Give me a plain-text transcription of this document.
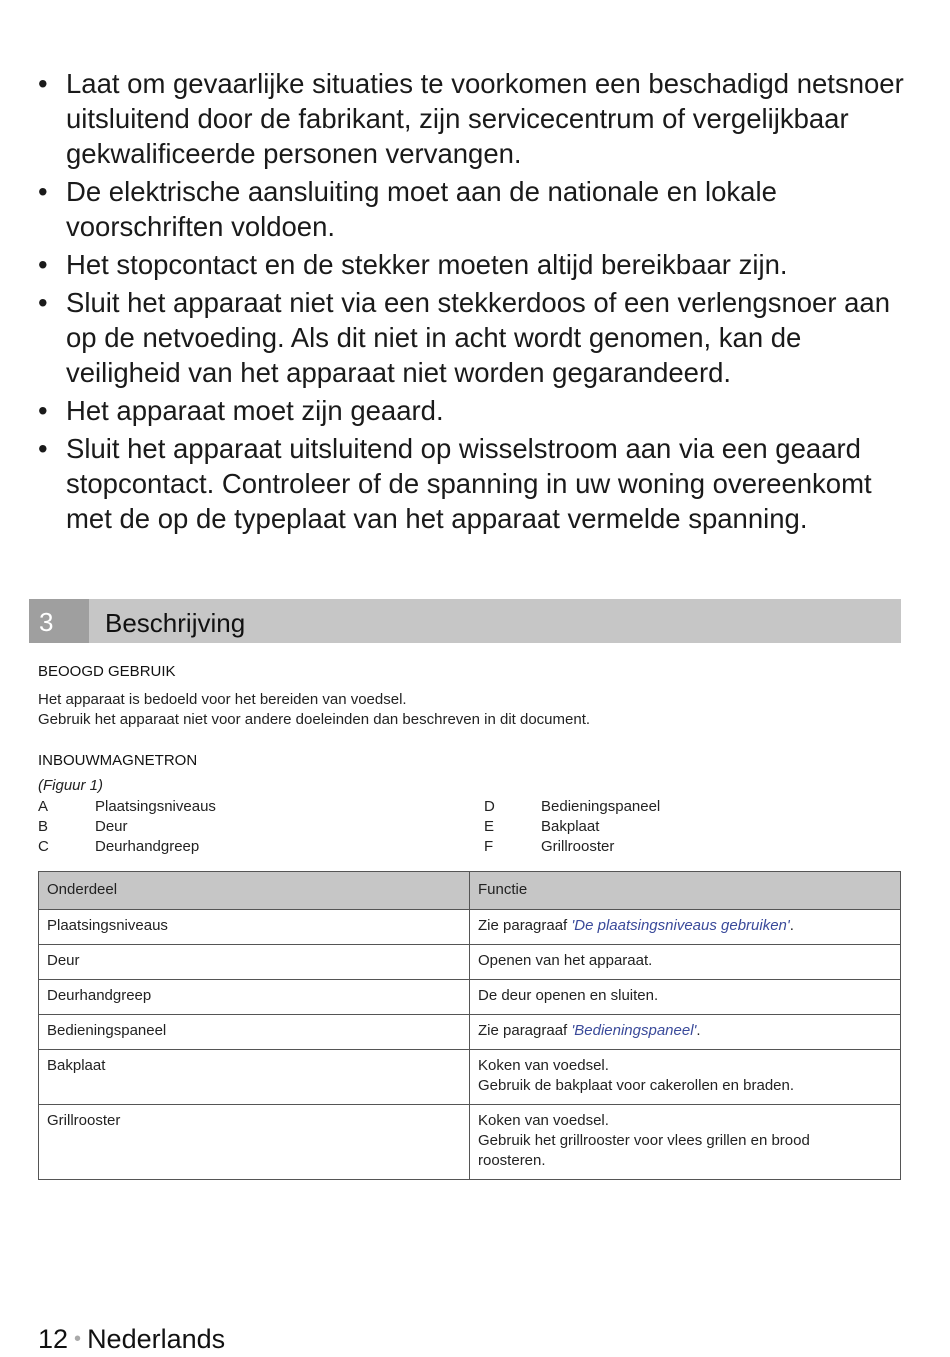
• Laat om gevaarlijke situaties te voorkomen een beschadigd netsnoer uitsluitend door de fabrikant, zijn servicecentrum of vergelijkbaar gekwalificeerde personen vervangen.
• De elektrische aansluiting moet aan de nationale en lokale voorschriften voldoen.
• Het stopcontact en de stekker moeten altijd bereikbaar zijn.
• Sluit het apparaat niet via een stekkerdoos of een verlengsnoer aan op de netvoeding. Als dit niet in acht wordt genomen, kan de veiligheid van het apparaat niet worden gegarandeerd.
• Het apparaat moet zijn geaard.
• Sluit het apparaat uitsluitend op wisselstroom aan via een geaard stopcontact. Controleer of de spanning in uw woning overeenkomt met de op de typeplaat van het apparaat vermelde spanning.
3	Beschrijving
BEOOGD GEBRUIK
Het apparaat is bedoeld voor het bereiden van voedsel.
Gebruik het apparaat niet voor andere doeleinden dan beschreven in dit document.
INBOUWMAGNETRON
(Figuur 1)
A	Plaatsingsniveaus
B	Deur
C	Deurhandgreep
D	Bedieningspaneel
E	Bakplaat
F	Grillrooster
Onderdeel	Functie
Plaatsingsniveaus	Zie paragraaf 'De plaatsingsniveaus gebruiken'.
Deur	Openen van het apparaat.
Deurhandgreep	De deur openen en sluiten.
Bedieningspaneel	Zie paragraaf 'Bedieningspaneel'.
Bakplaat	Koken van voedsel.
Gebruik de bakplaat voor cakerollen en braden.

Grillrooster	Koken van voedsel.
Gebruik het grillrooster voor vlees grillen en brood
roosteren.
12 • Nederlands
